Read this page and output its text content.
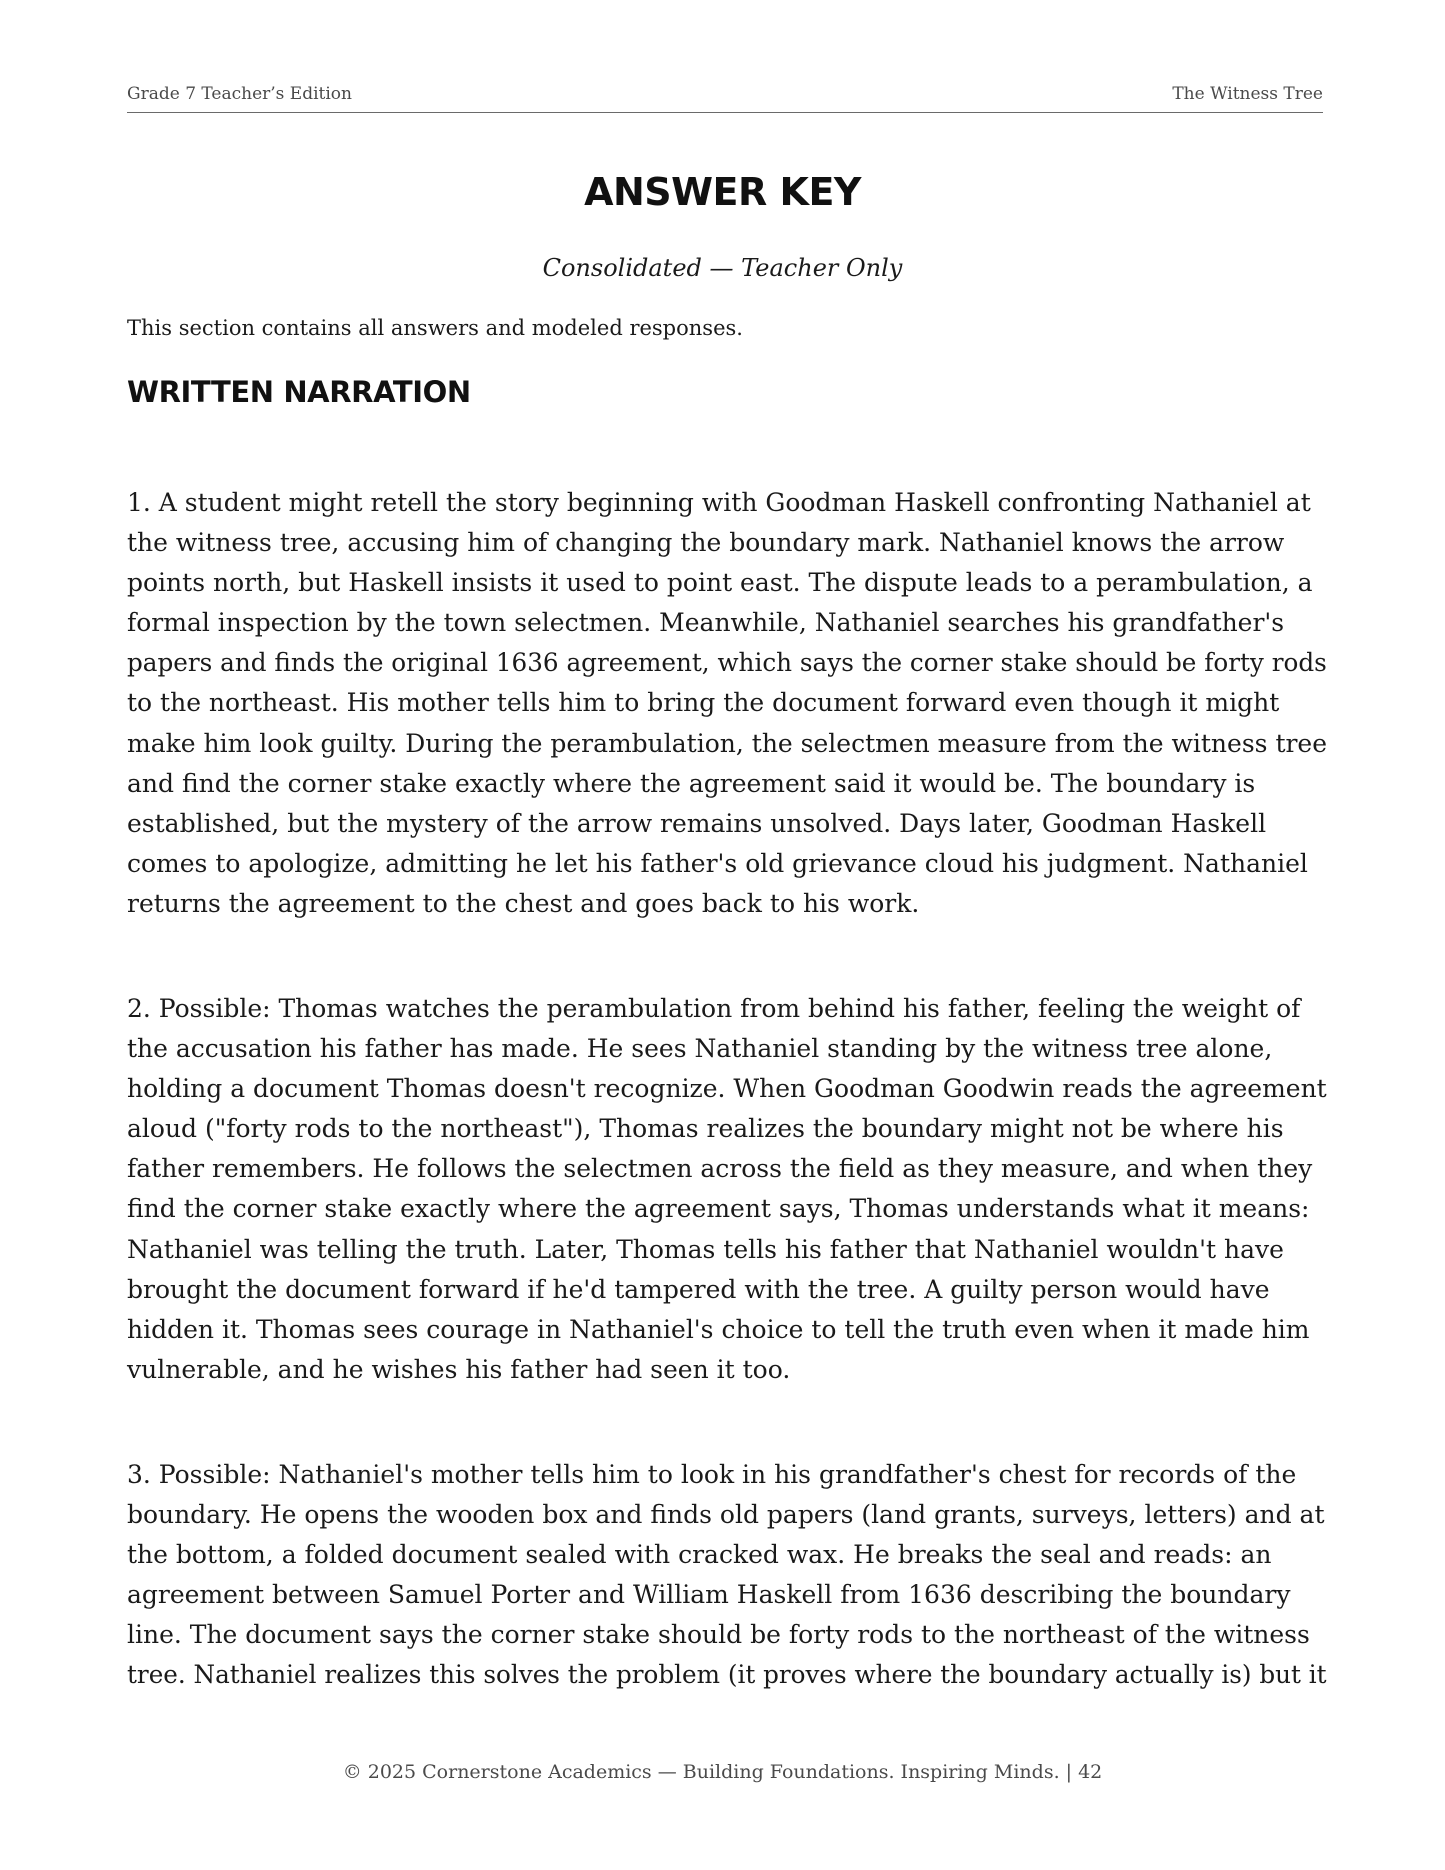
Grade 7 Teacher’s Edition	The Witness Tree
ANSWER KEY
Consolidated — Teacher Only
This section contains all answers and modeled responses.
WRITTEN NARRATION
1. A student might retell the story beginning with Goodman Haskell confronting Nathaniel at
the witness tree, accusing him of changing the boundary mark. Nathaniel knows the arrow
points north, but Haskell insists it used to point east. The dispute leads to a perambulation, a
formal inspection by the town selectmen. Meanwhile, Nathaniel searches his grandfather's
papers and finds the original 1636 agreement, which says the corner stake should be forty rods
to the northeast. His mother tells him to bring the document forward even though it might
make him look guilty. During the perambulation, the selectmen measure from the witness tree
and find the corner stake exactly where the agreement said it would be. The boundary is
established, but the mystery of the arrow remains unsolved. Days later, Goodman Haskell
comes to apologize, admitting he let his father's old grievance cloud his judgment. Nathaniel
returns the agreement to the chest and goes back to his work.
2. Possible: Thomas watches the perambulation from behind his father, feeling the weight of
the accusation his father has made. He sees Nathaniel standing by the witness tree alone,
holding a document Thomas doesn't recognize. When Goodman Goodwin reads the agreement
aloud ("forty rods to the northeast"), Thomas realizes the boundary might not be where his
father remembers. He follows the selectmen across the field as they measure, and when they
find the corner stake exactly where the agreement says, Thomas understands what it means:
Nathaniel was telling the truth. Later, Thomas tells his father that Nathaniel wouldn't have
brought the document forward if he'd tampered with the tree. A guilty person would have
hidden it. Thomas sees courage in Nathaniel's choice to tell the truth even when it made him
vulnerable, and he wishes his father had seen it too.
3. Possible: Nathaniel's mother tells him to look in his grandfather's chest for records of the
boundary. He opens the wooden box and finds old papers (land grants, surveys, letters) and at
the bottom, a folded document sealed with cracked wax. He breaks the seal and reads: an
agreement between Samuel Porter and William Haskell from 1636 describing the boundary
line. The document says the corner stake should be forty rods to the northeast of the witness
tree. Nathaniel realizes this solves the problem (it proves where the boundary actually is) but it
© 2025 Cornerstone Academics — Building Foundations. Inspiring Minds. | 42
